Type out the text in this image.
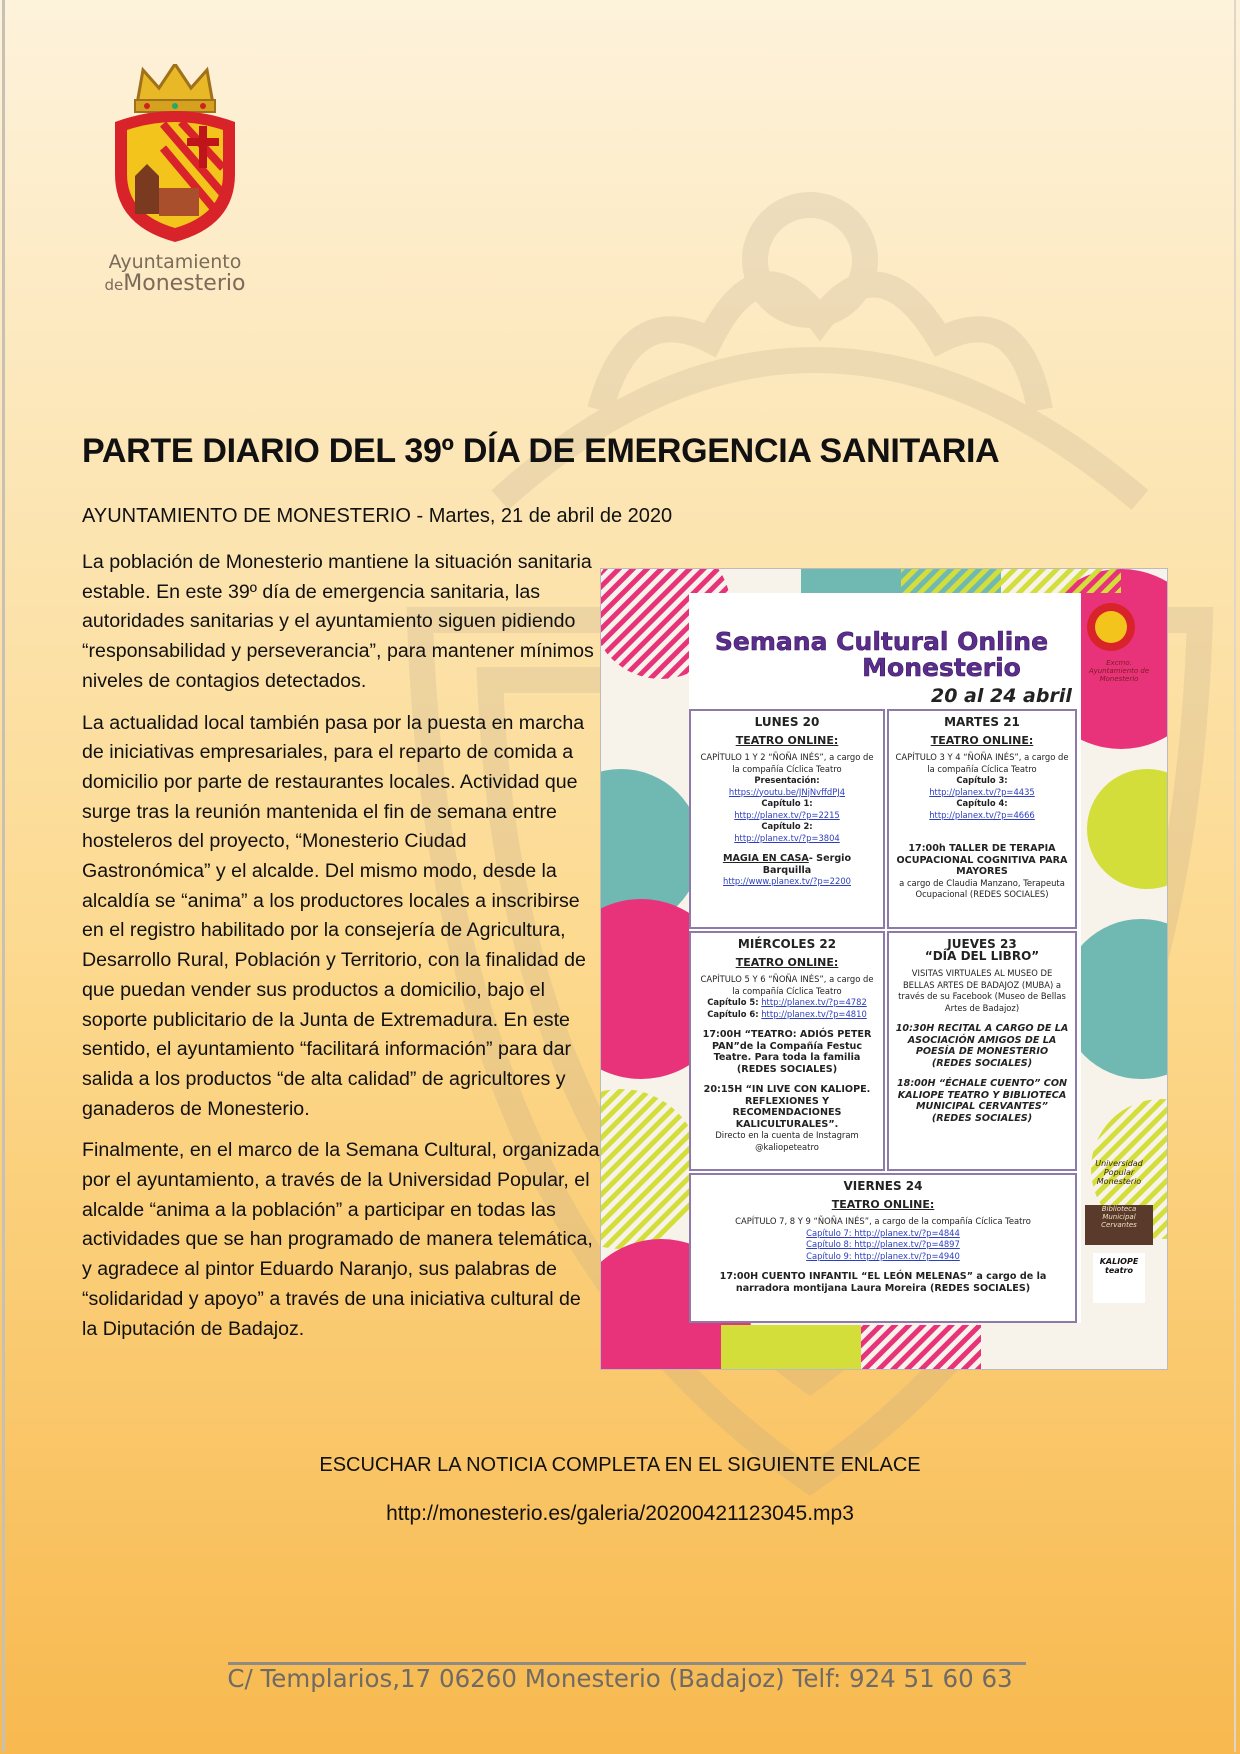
Ayuntamiento
deMonesterio
PARTE DIARIO DEL 39º DÍA DE EMERGENCIA SANITARIA
AYUNTAMIENTO DE MONESTERIO - Martes, 21 de abril de 2020

La población de Monesterio mantiene la situación sanitaria estable. En este 39º día de emergencia sanitaria, las autoridades sanitarias y el ayuntamiento siguen pidiendo “responsabilidad y perseverancia”, para mantener mínimos niveles de contagios detectados.

La actualidad local también pasa por la puesta en marcha de iniciativas empresariales, para el reparto de comida a domicilio por parte de restaurantes locales. Actividad que surge tras la reunión mantenida el fin de semana entre hosteleros del proyecto, “Monesterio Ciudad Gastronómica” y el alcalde. Del mismo modo, desde la alcaldía se “anima” a los productores locales a inscribirse en el registro habilitado por la consejería de Agricultura, Desarrollo Rural, Población y Territorio, con la finalidad de que puedan vender sus productos a domicilio, bajo el soporte publicitario de la Junta de Extremadura. En este sentido, el ayuntamiento “facilitará información” para dar salida a los productos “de alta calidad” de agricultores y ganaderos de Monesterio.

Finalmente, en el marco de la Semana Cultural, organizada por el ayuntamiento, a través de la Universidad Popular, el alcalde “anima a la población” a participar en todas las actividades que se han programado de manera telemática, y agradece al pintor Eduardo Naranjo, sus palabras de “solidaridad y apoyo” a través de una iniciativa cultural de la Diputación de Badajoz.

Semana Cultural Online
Monesterio
20 al 24 abril
Excmo. Ayuntamiento de Monesterio
LUNES 20
TEATRO ONLINE:
CAPÍTULO 1 Y 2 “ÑOÑA INÉS”, a cargo de la compañía Cíclica Teatro
Presentación: https://youtu.be/JNjNvffdPJ4
Capítulo 1:
http://planex.tv/?p=2215
Capítulo 2:
http://planex.tv/?p=3804
MAGIA EN CASA- Sergio Barquilla
http://www.planex.tv/?p=2200
MARTES 21
TEATRO ONLINE:
CAPÍTULO 3 Y 4 “ÑOÑA INÉS”, a cargo de la compañía Cíclica Teatro
Capítulo 3:
http://planex.tv/?p=4435
Capítulo 4:
http://planex.tv/?p=4666
17:00h TALLER DE TERAPIA OCUPACIONAL COGNITIVA PARA MAYORES
a cargo de Claudia Manzano, Terapeuta Ocupacional (REDES SOCIALES)
MIÉRCOLES 22
TEATRO ONLINE:
CAPÍTULO 5 Y 6 “ÑOÑA INÉS”, a cargo de la compañía Cíclica Teatro
Capítulo 5: http://planex.tv/?p=4782
Capítulo 6: http://planex.tv/?p=4810
17:00H “TEATRO: ADIÓS PETER PAN”de la Compañía Festuc Teatre. Para toda la familia (REDES SOCIALES)
20:15H “IN LIVE CON KALIOPE. REFLEXIONES Y RECOMENDACIONES KALICULTURALES”.
Directo en la cuenta de Instagram @kaliopeteatro
JUEVES 23
“DÍA DEL LIBRO”
VISITAS VIRTUALES AL MUSEO DE BELLAS ARTES DE BADAJOZ (MUBA) a través de su Facebook (Museo de Bellas Artes de Badajoz)
10:30H RECITAL A CARGO DE LA ASOCIACIÓN AMIGOS DE LA POESÍA DE MONESTERIO (REDES SOCIALES)
18:00H “ÉCHALE CUENTO” CON KALIOPE TEATRO Y BIBLIOTECA MUNICIPAL CERVANTES” (REDES SOCIALES)
VIERNES 24
TEATRO ONLINE:
CAPÍTULO 7, 8 Y 9 “ÑOÑA INÉS”, a cargo de la compañía Cíclica Teatro
Capítulo 7: http://planex.tv/?p=4844
Capítulo 8: http://planex.tv/?p=4897
Capítulo 9: http://planex.tv/?p=4940
17:00H CUENTO INFANTIL “EL LEÓN MELENAS” a cargo de la narradora montijana Laura Moreira (REDES SOCIALES)
Universidad Popular Monesterio
Biblioteca Municipal Cervantes
KALIOPE teatro
ESCUCHAR LA NOTICIA COMPLETA EN EL SIGUIENTE ENLACE
http://monesterio.es/galeria/20200421123045.mp3
C/ Templarios,17 06260 Monesterio (Badajoz) Telf: 924 51 60 63
